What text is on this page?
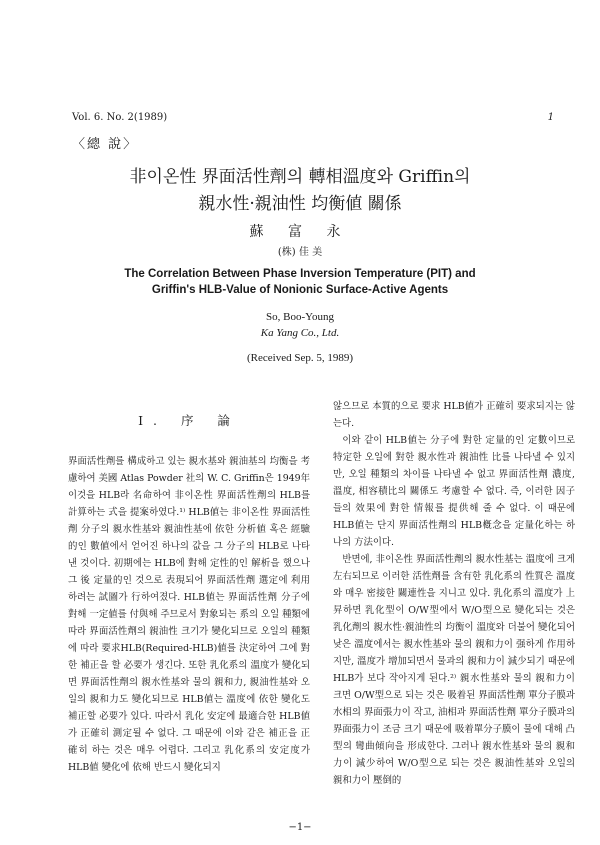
Vol. 6. No. 2(1989)	1
〈總 說〉
非이온性 界面活性劑의 轉相溫度와 Griffin의
親水性·親油性 均衡値 關係
蘇 富 永
(株) 佳 美
The Correlation Between Phase Inversion Temperature (PIT) and
Griffin's HLB-Value of Nonionic Surface-Active Agents
So, Boo-Young
Ka Yang Co., Ltd.
(Received Sep. 5, 1989)

I. 序 論

界面活性劑를 構成하고 있는 親水基와 親油基의 均衡을 考慮하여 美國 Atlas Powder 社의 W. C. Griffin은 1949年 이것을 HLB라 名命하여 非이온性 界面活性劑의 HLB를 計算하는 式을 提案하였다.¹⁾ HLB値는 非이온性 界面活性劑 分子의 親水性基와 親油性基에 依한 分析値 혹은 經驗的인 數値에서 얻어진 하나의 값을 그 分子의 HLB로 나타낸 것이다. 初期에는 HLB에 對해 定性的인 解析을 했으나 그 後 定量的인 것으로 表現되어 界面活性劑 選定에 利用하려는 試圖가 行하여졌다. HLB値는 界面活性劑 分子에 對해 一定値를 付與해 주므로서 對象되는 系의 오일 種類에 따라 界面活性劑의 親油性 크기가 變化되므로 오일의 種類에 따라 要求HLB(Required-HLB)値를 決定하여 그에 對한 補正을 할 必要가 생긴다. 또한 乳化系의 溫度가 變化되면 界面活性劑의 親水性基와 물의 親和力, 親油性基와 오일의 親和力도 變化되므로 HLB値는 溫度에 依한 變化도 補正할 必要가 있다. 따라서 乳化 安定에 最適合한 HLB値가 正確히 測定될 수 없다. 그 때문에 이와 같은 補正을 正確히 하는 것은 매우 어렵다. 그리고 乳化系의 安定度가 HLB値 變化에 依해 반드시 變化되지

않으므로 本質的으로 要求 HLB値가 正確히 要求되지는 않는다.

이와 같이 HLB値는 分子에 對한 定量的인 定數이므로 特定한 오일에 對한 親水性과 親油性 比를 나타낼 수 있지만, 오일 種類의 차이를 나타낼 수 없고 界面活性劑 濃度, 溫度, 相容積比의 關係도 考慮할 수 없다. 즉, 이러한 因子들의 效果에 對한 情報를 提供해 줄 수 없다. 이 때문에 HLB値는 단지 界面活性劑의 HLB槪念을 定量化하는 하나의 方法이다.

반면에, 非이온性 界面活性劑의 親水性基는 溫度에 크게 左右되므로 이러한 活性劑를 含有한 乳化系의 性質은 溫度와 매우 密接한 關連性을 지니고 있다. 乳化系의 溫度가 上昇하면 乳化型이 O/W型에서 W/O型으로 變化되는 것은 乳化劑의 親水性·親油性의 均衡이 溫度와 더불어 變化되어 낮은 溫度에서는 親水性基와 물의 親和力이 强하게 作用하지만, 溫度가 增加되면서 물과의 親和力이 減少되기 때문에 HLB가 보다 작아지게 된다.²⁾ 親水性基와 물의 親和力이 크면 O/W型으로 되는 것은 吸着된 界面活性劑 單分子膜과 水相의 界面張力이 작고, 油相과 界面活性劑 單分子膜과의 界面張力이 조금 크기 때문에 吸着單分子膜이 물에 대해 凸型의 彎曲傾向을 形成한다. 그러나 親水性基와 물의 親和力이 減少하여 W/O型으로 되는 것은 親油性基와 오일의 親和力이 壓倒的

−1−
